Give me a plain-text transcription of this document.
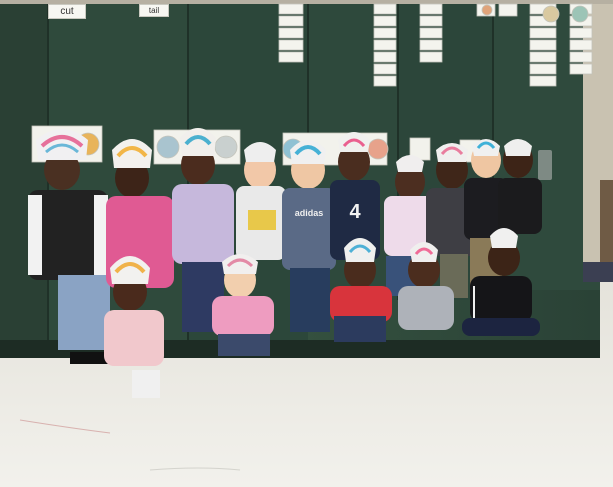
4
adidas
cut	tail
